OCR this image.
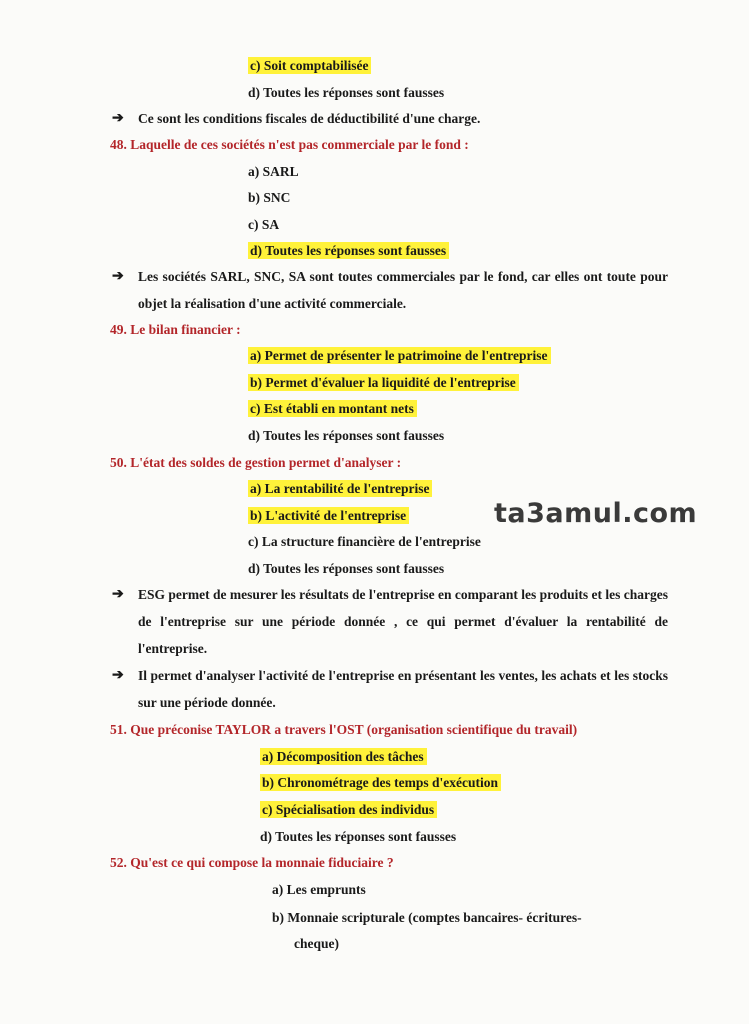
c) Soit comptabilisée
d) Toutes les réponses sont fausses
➔ Ce sont les conditions fiscales de déductibilité d'une charge.
48. Laquelle de ces sociétés n'est pas commerciale par le fond :
a) SARL
b) SNC
c) SA
d) Toutes les réponses sont fausses
➔ Les sociétés SARL, SNC, SA sont toutes commerciales par le fond, car elles ont toute pour objet la réalisation d'une activité commerciale.
49. Le bilan financier :
a) Permet de présenter le patrimoine de l'entreprise
b) Permet d'évaluer la liquidité de l'entreprise
c) Est établi en montant nets
d) Toutes les réponses sont fausses
50. L'état des soldes de gestion permet d'analyser :
a) La rentabilité de l'entreprise
b) L'activité de l'entreprise
c) La structure financière de l'entreprise
d) Toutes les réponses sont fausses
➔ ESG permet de mesurer les résultats de l'entreprise en comparant les produits et les charges de l'entreprise sur une période donnée , ce qui permet d'évaluer la rentabilité de l'entreprise.
➔ Il permet d'analyser l'activité de l'entreprise en présentant les ventes, les achats et les stocks sur une période donnée.
ta3amul.com
51. Que préconise TAYLOR a travers l'OST (organisation scientifique du travail)
a) Décomposition des tâches
b) Chronométrage des temps d'exécution
c) Spécialisation des individus
d) Toutes les réponses sont fausses
52. Qu'est ce qui compose la monnaie fiduciaire ?
a) Les emprunts
b) Monnaie scripturale (comptes bancaires- écritures-
cheque)
